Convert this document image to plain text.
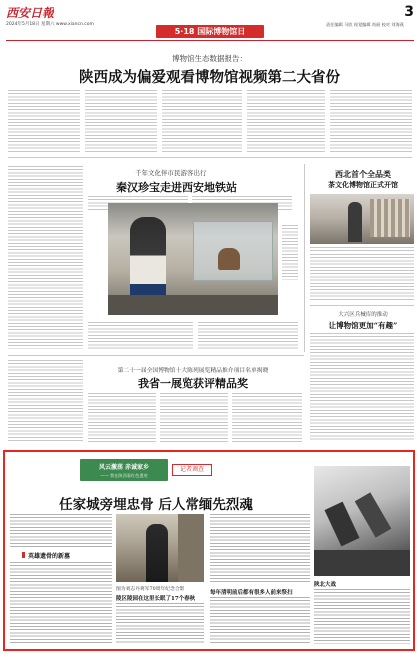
西安日報
2024年5月18日 星期六 www.xiancn.com
5·18 国际博物馆日
3
责任编辑 马欣 视觉编辑 尚丽 校对 刘海燕
博物馆生态数据报告：
陕西成为偏爱观看博物馆视频第二大省份
千年文化伴市民游客出行
秦汉珍宝走进西安地铁站
西北首个全品类
茶文化博物馆正式开馆
大兴区兵械库的推动
让博物馆更加“有趣”
第二十一届全国博物馆十大陈列展览精品推介项目名单揭晓
我省一展览获评精品奖
风云激荡 赤诚家乡
—— 我在陕西看红色遗迹
记者调查
任家城旁埋忠骨 后人常缅先烈魂
英雄遗骨的新墓
图为刘志丹将军70周年纪念合影
陵区陵园在这里长眠了17个春秋
每年清明前后都有很多人前来祭扫
陕北大战
